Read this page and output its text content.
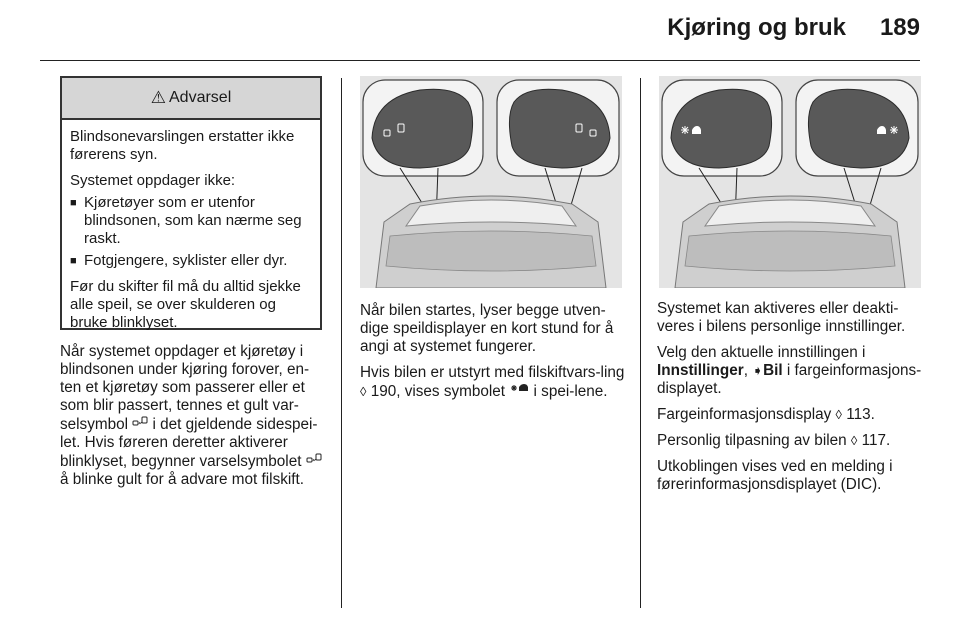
Kjøring og bruk 189
⚠ Advarsel

Blindsonevarslingen erstatter ikke førerens syn.

Systemet oppdager ikke:

■ Kjøretøyer som er utenfor blindsonen, som kan nærme seg raskt.
■ Fotgjengere, syklister eller dyr.

Før du skifter fil må du alltid sjekke alle speil, se over skulderen og bruke blinklyset.

Når systemet oppdager et kjøretøy i blindsonen under kjøring forover, en-ten et kjøretøy som passerer eller et som blir passert, tennes et gult var-selsymbol i det gjeldende sidespei-let. Hvis føreren deretter aktiverer blinklyset, begynner varselsymbolet  å blinke gult for å advare mot filskift.

Når bilen startes, lyser begge utven-dige speildisplayer en kort stund for å angi at systemet fungerer.

Hvis bilen er utstyrt med filskiftvars-ling ◊ 190, vises symbolet i spei-lene.

Systemet kan aktiveres eller deakti-veres i bilens personlige innstillinger.

Velg den aktuelle innstillingen i Innstillinger, ➧Bil i fargeinformasjons-displayet.

Fargeinformasjonsdisplay ◊ 113.

Personlig tilpasning av bilen ◊ 117.

Utkoblingen vises ved en melding i førerinformasjonsdisplayet (DIC).
